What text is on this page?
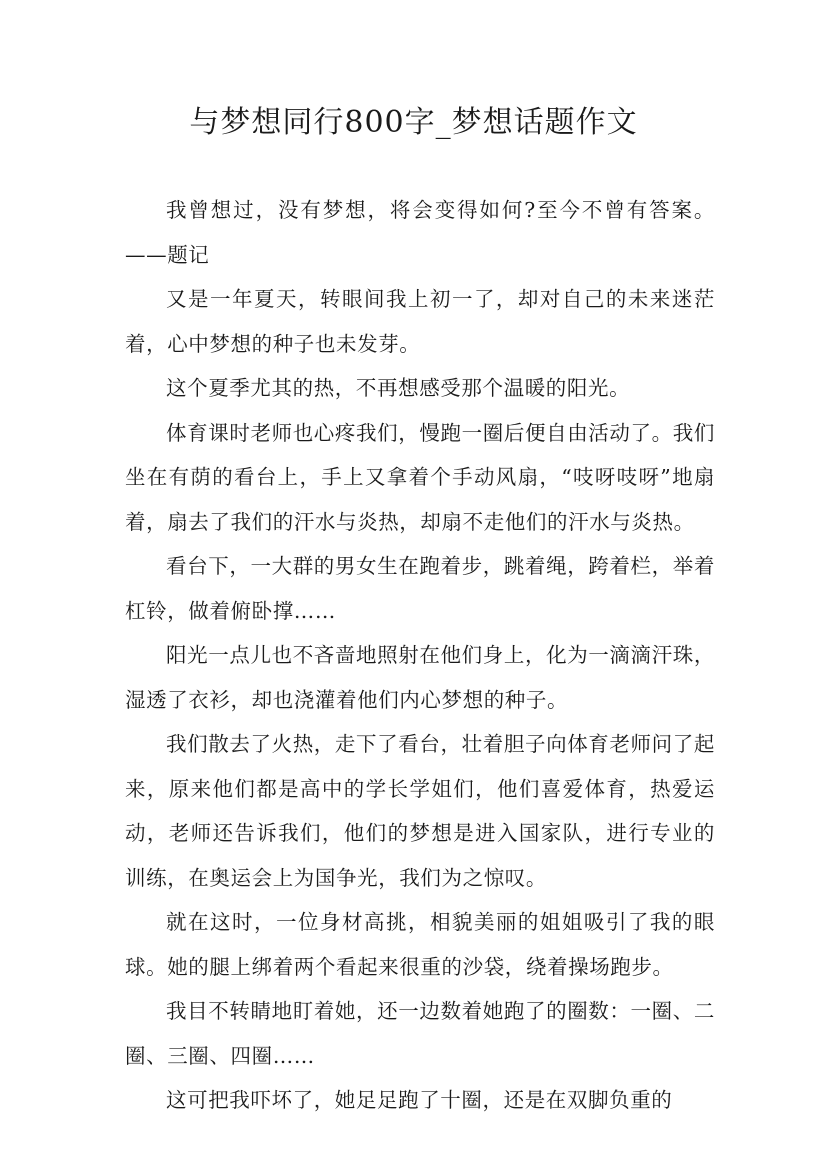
与梦想同行800字_梦想话题作文

我曾想过，没有梦想，将会变得如何?至今不曾有答案。——题记

又是一年夏天，转眼间我上初一了，却对自己的未来迷茫着，心中梦想的种子也未发芽。

这个夏季尤其的热，不再想感受那个温暖的阳光。

体育课时老师也心疼我们，慢跑一圈后便自由活动了。我们坐在有荫的看台上，手上又拿着个手动风扇，“吱呀吱呀”地扇着，扇去了我们的汗水与炎热，却扇不走他们的汗水与炎热。

看台下，一大群的男女生在跑着步，跳着绳，跨着栏，举着杠铃，做着俯卧撑……

阳光一点儿也不吝啬地照射在他们身上，化为一滴滴汗珠，湿透了衣衫，却也浇灌着他们内心梦想的种子。

我们散去了火热，走下了看台，壮着胆子向体育老师问了起来，原来他们都是高中的学长学姐们，他们喜爱体育，热爱运动，老师还告诉我们，他们的梦想是进入国家队，进行专业的训练，在奥运会上为国争光，我们为之惊叹。

就在这时，一位身材高挑，相貌美丽的姐姐吸引了我的眼球。她的腿上绑着两个看起来很重的沙袋，绕着操场跑步。

我目不转睛地盯着她，还一边数着她跑了的圈数：一圈、二圈、三圈、四圈……

这可把我吓坏了，她足足跑了十圈，还是在双脚负重的
